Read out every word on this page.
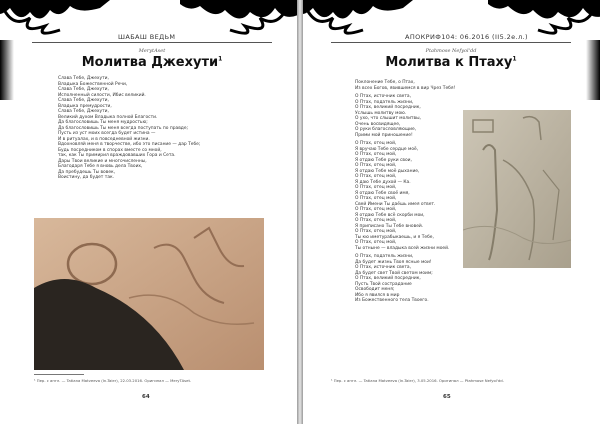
ШАБАШ ВЕДЬМ
MerytAset
Молитва Джехути$^1$
Слава Тебе, Джехути,
Владыка Божественной Речи,
Слава Тебе, Джехути,
Исполненный силости, Ибис великий.
Слава Тебе, Джехути,
Владыка премудрости,
Слава Тебе, Джехути,
Великий духом Владыка полной Благости.
Да благословишь Ты меня мудростью;
Да благословишь Ты меня всегда поступать по правде;
Пусть из уст моих всегда будет истина —
И в ритуалах, и в повседневной жизни.
Вдохновляй меня в творчестве, ибо это писание — дар Тебе;
Будь посредником в спорах вместе со мной,
так, как Ты примирил враждовавших Гора и Сета.
Дары Твои великие и многочисленны,
Благодаря Тебе я вновь дела Твоих,
Да пребудешь Ты вовек,
Воистину, да будет так.
¹ Пер. с англ. — Tatiana Matveeva (In-Taier), 22.03.2016. Оригинал — MeryTAset.
64
АПОКРИФ104: 06.2016 (ІІ5.2е.л.)
Ptahmose Nefyol'dd
Молитва к Птаху$^1$
Поклонение Тебе, о Птах,
Из всех Богов, явившемся в вир Чрез Тебя!
О Птах, источник света,
О Птах, податель жизни,
О Птах, великий посредник,
Услышь молитву мою.
О ухо, что слышит молитвы,
Очень восвидящее,
О руки благословляющие,
Прими мой приношение!
О Птах, отец мой,
Я вручаю Тебе сердце моё,
О Птах, отец мой,
Я отдаю Тебе руки свои,
О Птах, отец мой,
Я отдаю Тебе моё дыхание,
О Птах, отец мой,
Я даю Тебе духой — Ка.
О Птах, отец мой,
Я отдаю Тебе своё имя,
О Птах, отец мой,
Свей Имени Ты даёшь имея ответ.
О Птах, отец мой,
Я отдаю Тебе всё скорби мои,
О Птах, отец мой,
Я приписано Ты Тебе вновей.
О Птах, отец мой,
Ты кю иметурабыкаешь, и я Тебе,
О Птах, отец мой,
Ты отныне — владыка всей жизни моей.
О Птах, податель жизни,
Да будет жизнь Твоя ясные мои!
О Птах, источник света,
Да будет свет Твой светом моим;
О Птах, великий посредник,
Пусть Твой сострадание
Освободит меня;
Ибо я явился в мир
Из Божественного тела Твоего.
¹ Пер. с англ. — Tatiana Matveeva (In-Taier), 3.05.2016. Оригинал — Ptahmose Nefyol'dd.
65
